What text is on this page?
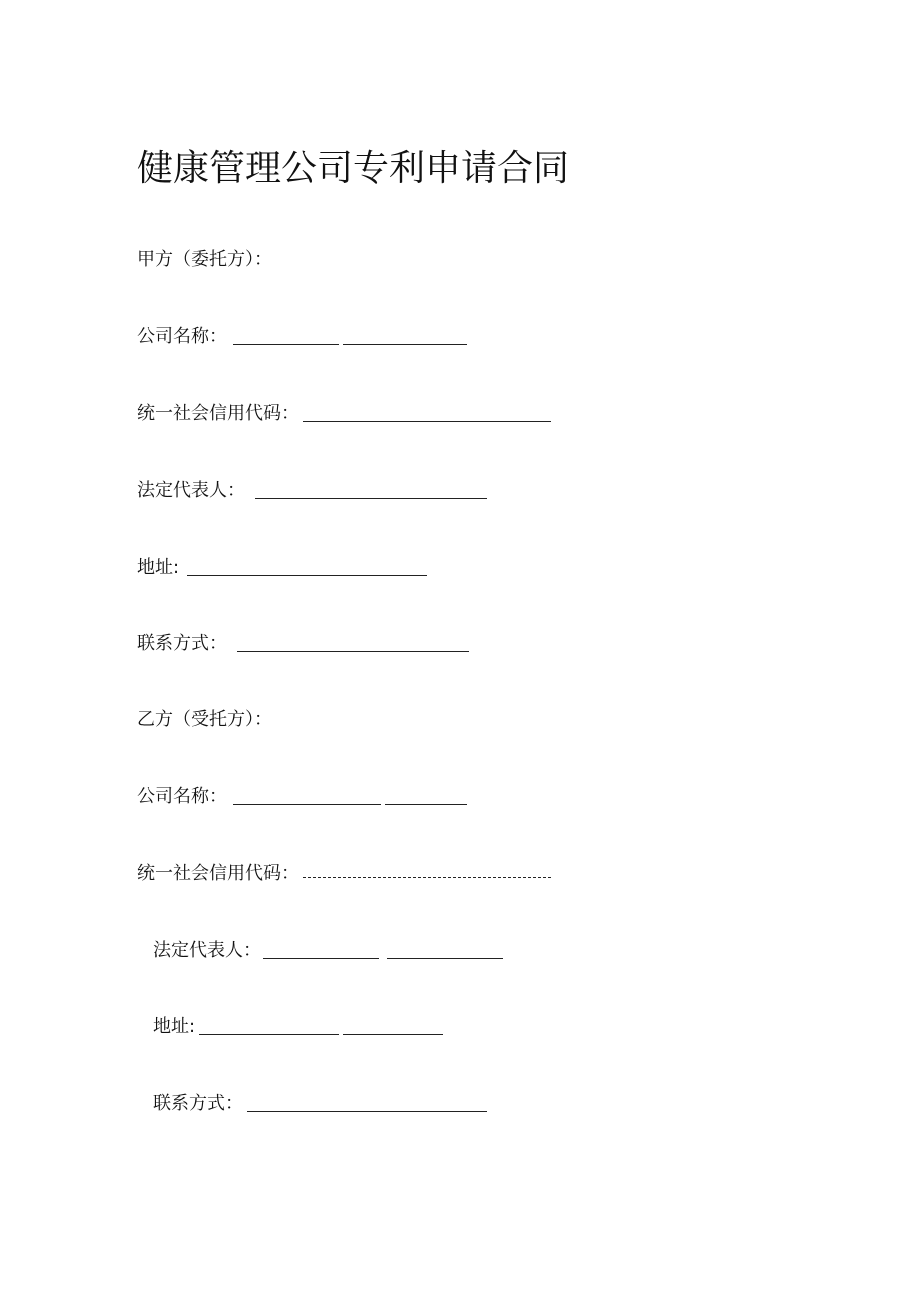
健康管理公司专利申请合同
甲方（委托方）：
公司名称：
统一社会信用代码：
法定代表人：
地址:
联系方式：
乙方（受托方）：
公司名称：
统一社会信用代码：
法定代表人：
地址:
联系方式：
